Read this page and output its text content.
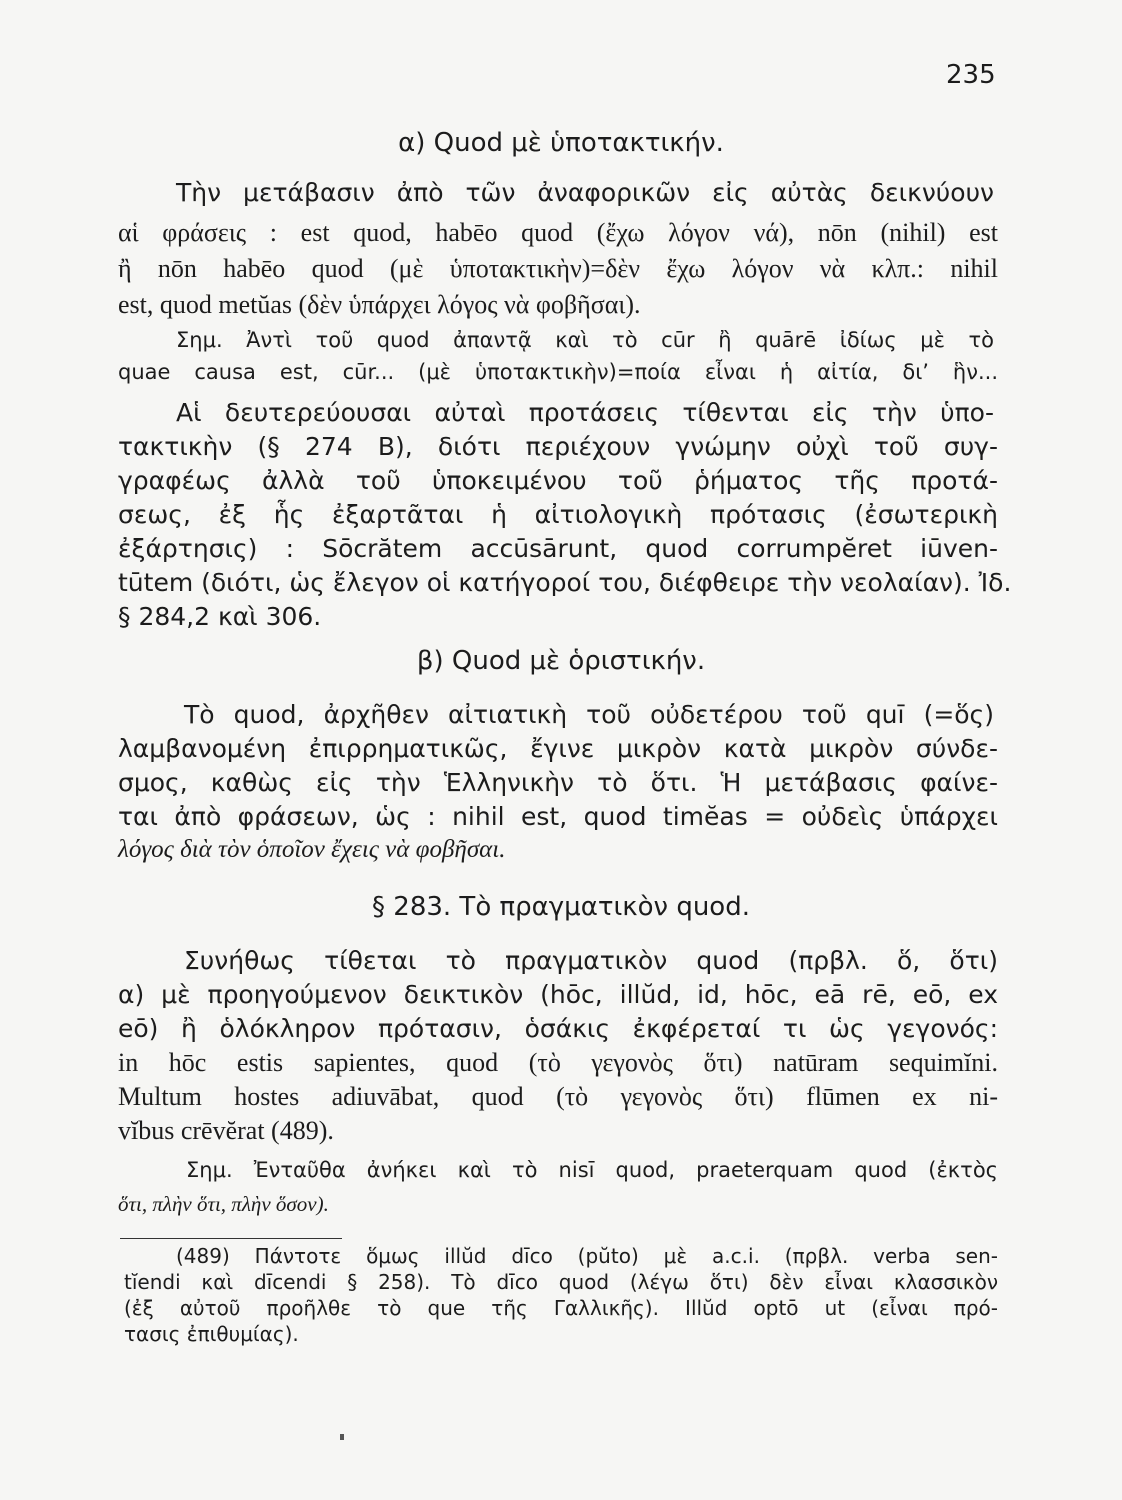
235
α) Quod μὲ ὑποτακτικήν.
Τὴν μετάβασιν ἀπὸ τῶν ἀναφορικῶν εἰς αὐτὰς δεικνύουν
αἱ φράσεις : est quod, habēo quod (ἔχω λόγον νά), nōn (nihil) est
ἢ nōn habēo quod (μὲ ὑποτακτικὴν)=δὲν ἔχω λόγον νὰ κλπ.: nihil
est, quod metŭas (δὲν ὑπάρχει λόγος νὰ φοβῆσαι).
Σημ. Ἀντὶ τοῦ quod ἀπαντᾷ καὶ τὸ cūr ἢ quārē ἰδίως μὲ τὸ
quae causa est, cūr... (μὲ ὑποτακτικὴν)=ποία εἶναι ἡ αἰτία, δι’ ἣν...
Αἱ δευτερεύουσαι αὐταὶ προτάσεις τίθενται εἰς τὴν ὑπο-
τακτικὴν (§ 274 B), διότι περιέχουν γνώμην οὐχὶ τοῦ συγ-
γραφέως ἀλλὰ τοῦ ὑποκειμένου τοῦ ῥήματος τῆς προτά-
σεως, ἐξ ἧς ἐξαρτᾶται ἡ αἰτιολογικὴ πρότασις (ἐσωτερικὴ
ἐξάρτησις) : Sōcrătem accūsārunt, quod corrumpĕret iūven-
tūtem (διότι, ὡς ἔλεγον οἱ κατήγοροί του, διέφθειρε τὴν νεολαίαν). Ἰδ.
§ 284,2 καὶ 306.
β) Quod μὲ ὁριστικήν.
Τὸ quod, ἀρχῆθεν αἰτιατικὴ τοῦ οὐδετέρου τοῦ quī (=ὅς)
λαμβανομένη ἐπιρρηματικῶς, ἔγινε μικρὸν κατὰ μικρὸν σύνδε-
σμος, καθὼς εἰς τὴν Ἑλληνικὴν τὸ ὅτι. Ἡ μετάβασις φαίνε-
ται ἀπὸ φράσεων, ὡς : nihil est, quod timĕas = οὐδεὶς ὑπάρχει
λόγος διὰ τὸν ὁποῖον ἔχεις νὰ φοβῆσαι.
§ 283. Τὸ πραγματικὸν quod.
Συνήθως τίθεται τὸ πραγματικὸν quod (πρβλ. ὅ, ὅτι)
α) μὲ προηγούμενον δεικτικὸν (hōc, illŭd, id, hōc, eā rē, eō, ex
eō) ἢ ὁλόκληρον πρότασιν, ὁσάκις ἐκφέρεταί τι ὡς γεγονός:
in hōc estis sapientes, quod (τὸ γεγονὸς ὅτι) natūram sequimĭni.
Multum hostes adiuvābat, quod (τὸ γεγονὸς ὅτι) flūmen ex ni-
vĭbus crēvĕrat (489).
Σημ. Ἐνταῦθα ἀνήκει καὶ τὸ nisī quod, praeterquam quod (ἐκτὸς
ὅτι, πλὴν ὅτι, πλὴν ὅσον).
(489) Πάντοτε ὅμως illŭd dīco (pŭto) μὲ a.c.i. (πρβλ. verba sen-
tĭendi καὶ dīcendi § 258). Τὸ dīco quod (λέγω ὅτι) δὲν εἶναι κλασσικὸν
(ἐξ αὐτοῦ προῆλθε τὸ que τῆς Γαλλικῆς). Illŭd optō ut (εἶναι πρό-
τασις ἐπιθυμίας).
